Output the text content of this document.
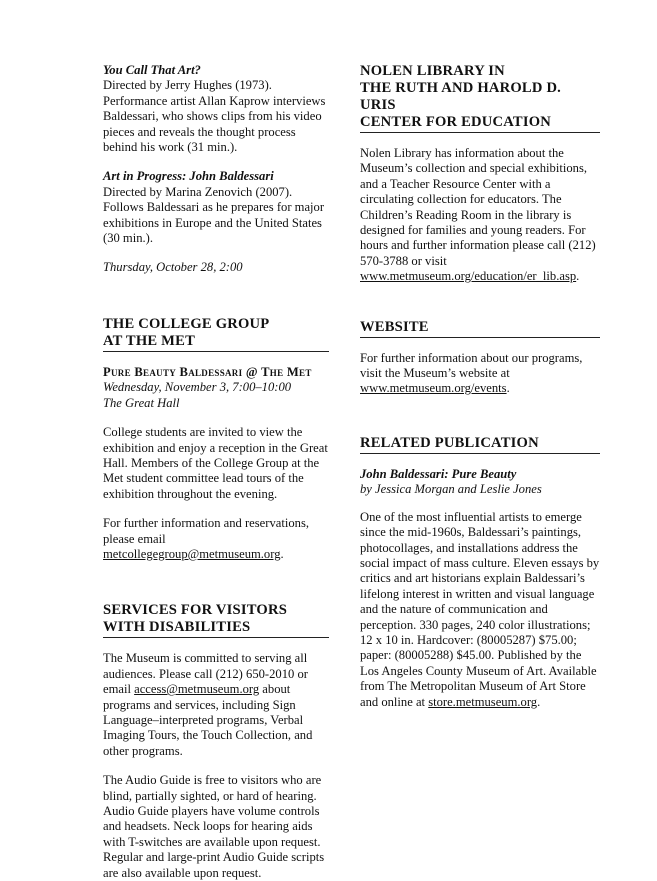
You Call That Art?
Directed by Jerry Hughes (1973). Performance artist Allan Kaprow interviews Baldessari, who shows clips from his video pieces and reveals the thought process behind his work (31 min.).
Art in Progress: John Baldessari
Directed by Marina Zenovich (2007). Follows Baldessari as he prepares for major exhibitions in Europe and the United States (30 min.).

Thursday, October 28, 2:00

THE COLLEGE GROUP
AT THE MET

Pure Beauty Baldessari @ The Met

Wednesday, November 3, 7:00–10:00

The Great Hall

College students are invited to view the exhibition and enjoy a reception in the Great Hall. Members of the College Group at the Met student committee lead tours of the exhibition throughout the evening.

For further information and reservations, please email metcollegegroup@metmuseum.org.

SERVICES FOR VISITORS
WITH DISABILITIES

The Museum is committed to serving all audiences. Please call (212) 650-2010 or email access@metmuseum.org about programs and services, including Sign Language–interpreted programs, Verbal Imaging Tours, the Touch Collection, and other programs.

The Audio Guide is free to visitors who are blind, partially sighted, or hard of hearing. Audio Guide players have volume controls and headsets. Neck loops for hearing aids with T-switches are available upon request. Regular and large-print Audio Guide scripts are also available upon request.

NOLEN LIBRARY IN
THE RUTH AND HAROLD D. URIS
CENTER FOR EDUCATION

Nolen Library has information about the Museum’s collection and special exhibitions, and a Teacher Resource Center with a circulating collection for educators. The Children’s Reading Room in the library is designed for families and young readers. For hours and further information please call (212) 570-3788 or visit www.metmuseum.org/education/er_lib.asp.

WEBSITE

For further information about our programs, visit the Museum’s website at www.metmuseum.org/events.

RELATED PUBLICATION

John Baldessari: Pure Beauty

by Jessica Morgan and Leslie Jones

One of the most influential artists to emerge since the mid-1960s, Baldessari’s paintings, photocollages, and installations address the social impact of mass culture. Eleven essays by critics and art historians explain Baldessari’s lifelong interest in written and visual language and the nature of communication and perception. 330 pages, 240 color illustrations; 12 x 10 in. Hardcover: (80005287) $75.00; paper: (80005288) $45.00. Published by the Los Angeles County Museum of Art. Available from The Metropolitan Museum of Art Store and online at store.metmuseum.org.
